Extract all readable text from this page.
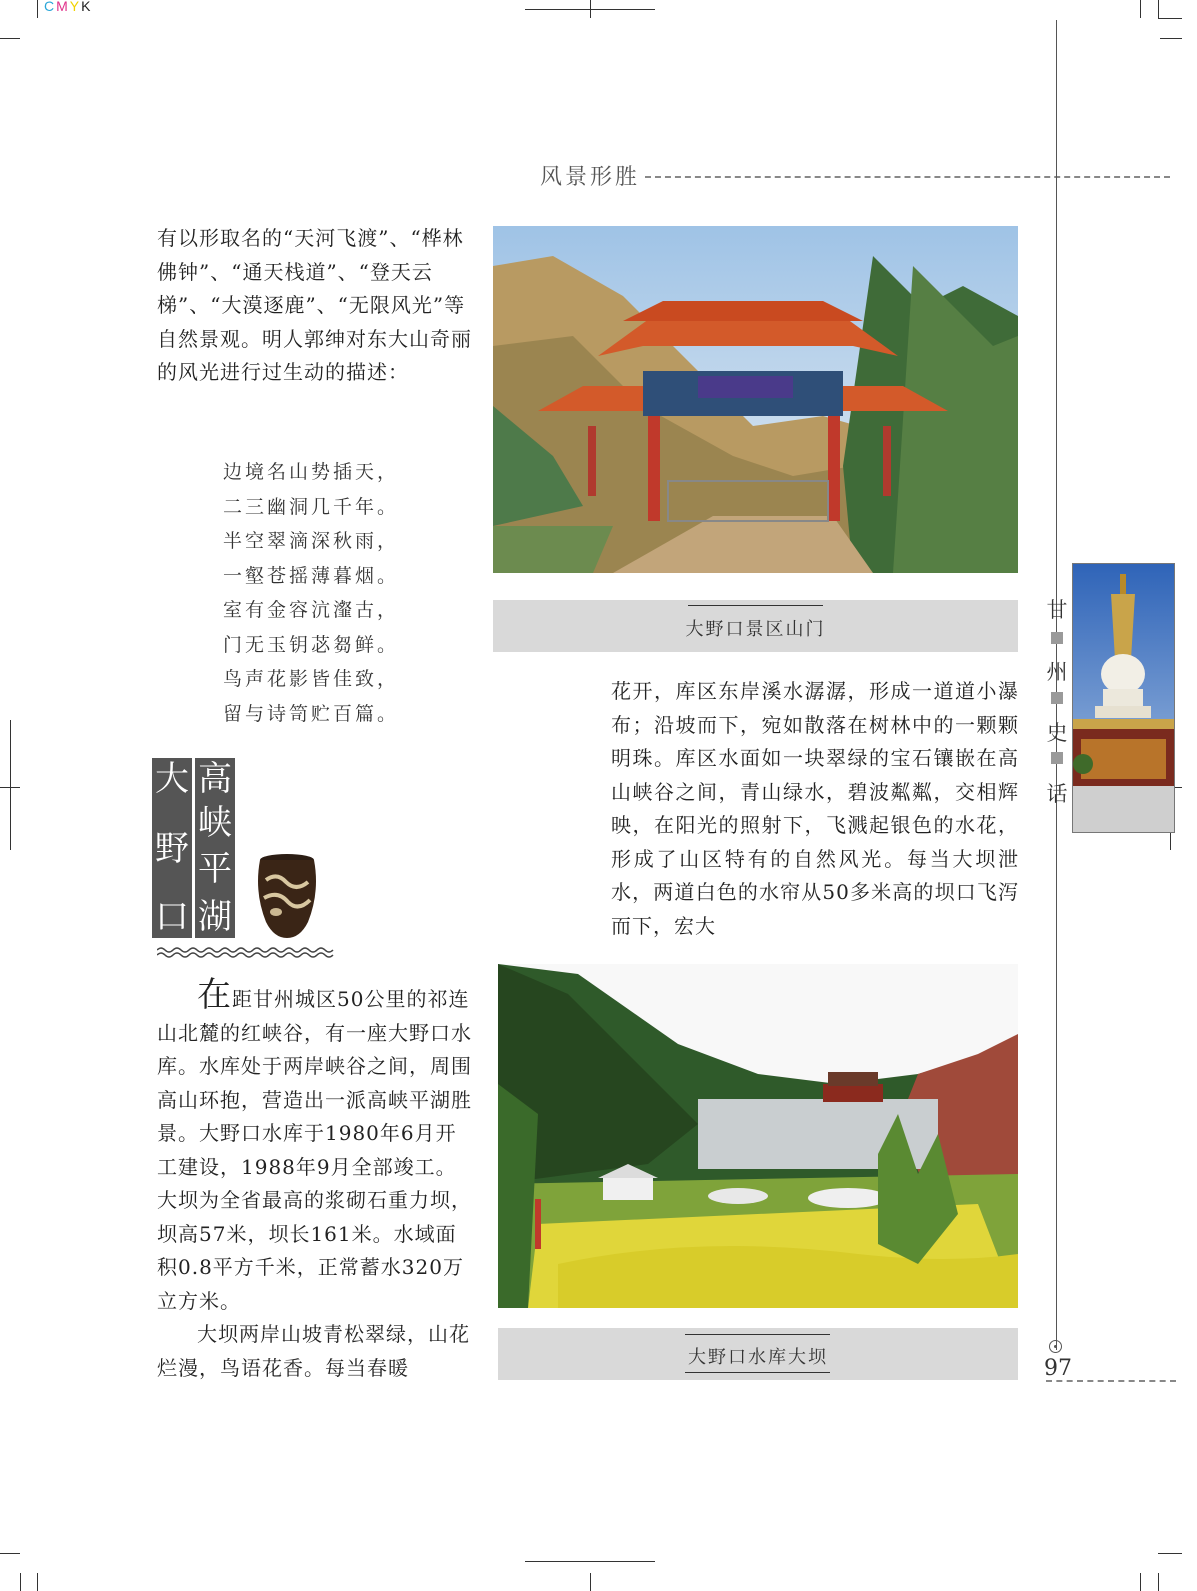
CMYK
风景形胜

有以形取名的“天河飞渡”、“桦林佛钟”、“通天栈道”、“登天云梯”、“大漠逐鹿”、“无限风光”等自然景观。明人郭绅对东大山奇丽的风光进行过生动的描述：

边境名山势插天，
二三幽洞几千年。
半空翠滴深秋雨，
一壑苍摇薄暮烟。
室有金容沆瀣古，
门无玉钥苾芻鲜。
鸟声花影皆佳致，
留与诗笥贮百篇。
大野口景区山门
大
野
口
高
峡
平
湖

在距甘州城区50公里的祁连山北麓的红峡谷，有一座大野口水库。水库处于两岸峡谷之间，周围高山环抱，营造出一派高峡平湖胜景。大野口水库于1980年6月开工建设，1988年9月全部竣工。大坝为全省最高的浆砌石重力坝，坝高57米，坝长161米。水域面积0.8平方千米，正常蓄水320万立方米。

大坝两岸山坡青松翠绿，山花烂漫，鸟语花香。每当春暖

花开，库区东岸溪水潺潺，形成一道道小瀑布；沿坡而下，宛如散落在树林中的一颗颗明珠。库区水面如一块翠绿的宝石镶嵌在高山峡谷之间，青山绿水，碧波粼粼，交相辉映，在阳光的照射下，飞溅起银色的水花，形成了山区特有的自然风光。每当大坝泄水，两道白色的水帘从50多米高的坝口飞泻而下，宏大

大野口水库大坝
甘
州
史
话
97
